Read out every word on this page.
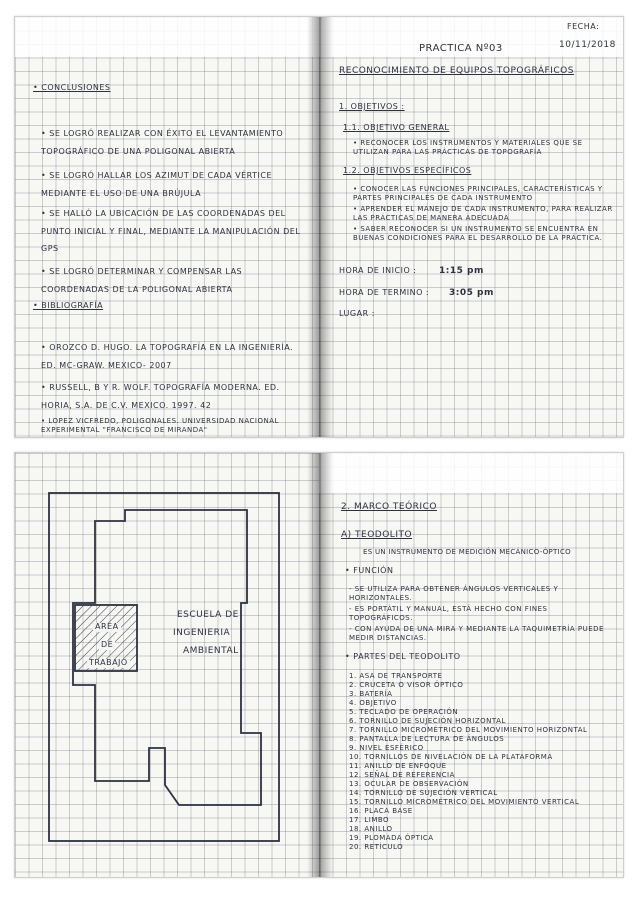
• CONCLUSIONES
• SE LOGRÓ REALIZAR CON ÉXITO EL LEVANTAMIENTO TOPOGRÁFICO DE UNA POLIGONAL ABIERTA
• SE LOGRÓ HALLAR LOS AZIMUT DE CADA VÉRTICE MEDIANTE EL USO DE UNA BRÚJULA
• SE HALLÓ LA UBICACIÓN DE LAS COORDENADAS DEL PUNTO INICIAL Y FINAL, MEDIANTE LA MANIPULACIÓN DEL GPS
• SE LOGRÓ DETERMINAR Y COMPENSAR LAS COORDENADAS DE LA POLIGONAL ABIERTA
• BIBLIOGRAFÍA
• OROZCO D. HUGO. LA TOPOGRAFÍA EN LA INGENIERÍA. ED. MC-GRAW. MEXICO- 2007
• RUSSELL, B Y R. WOLF. TOPOGRAFÍA MODERNA. ED. HORIA, S.A. DE C.V. MEXICO. 1997. 42
• LOPEZ VICFREDO, POLIGONALES. UNIVERSIDAD NACIONAL EXPERIMENTAL "FRANCISCO DE MIRANDA"
FECHA:
PRACTICA Nº03	10/11/2018
RECONOCIMIENTO DE EQUIPOS TOPOGRÁFICOS
1. OBJETIVOS :
1.1. OBJETIVO GENERAL
• RECONOCER LOS INSTRUMENTOS Y MATERIALES QUE SE UTILIZAN PARA LAS PRÁCTICAS DE TOPOGRAFÍA
1.2. OBJETIVOS ESPECÍFICOS
• CONOCER LAS FUNCIONES PRINCIPALES, CARACTERÍSTICAS Y PARTES PRINCIPALES DE CADA INSTRUMENTO
• APRENDER EL MANEJO DE CADA INSTRUMENTO, PARA REALIZAR LAS PRÁCTICAS DE MANERA ADECUADA
• SABER RECONOCER SI UN INSTRUMENTO SE ENCUENTRA EN BUENAS CONDICIONES PARA EL DESARROLLO DE LA PRÁCTICA.
HORA DE INICIO : 1:15 pm
HORA DE TERMINO : 3:05 pm
LUGAR :
AREA
DE
TRABAJO
ESCUELA DE
INGENIERIA
AMBIENTAL
2. MARCO TEÓRICO
A) TEODOLITO
ES UN INSTRUMENTO DE MEDICIÓN MECÁNICO-ÓPTICO
• FUNCIÓN
- SE UTILIZA PARA OBTENER ÁNGULOS VERTICALES Y HORIZONTALES.
- ES PORTÁTIL Y MANUAL, ESTÁ HECHO CON FINES TOPOGRÁFICOS.
- CON AYUDA DE UNA MIRA Y MEDIANTE LA TAQUIMETRÍA PUEDE MEDIR DISTANCIAS.
• PARTES DEL TEODOLITO
1. ASA DE TRANSPORTE
2. CRUCETA O VISOR ÓPTICO
3. BATERÍA
4. OBJETIVO
5. TECLADO DE OPERACIÓN
6. TORNILLO DE SUJECIÓN HORIZONTAL
7. TORNILLO MICROMÉTRICO DEL MOVIMIENTO HORIZONTAL
8. PANTALLA DE LECTURA DE ÁNGULOS
9. NIVEL ESFÉRICO
10. TORNILLOS DE NIVELACIÓN DE LA PLATAFORMA
11. ANILLO DE ENFOQUE
12. SEÑAL DE REFERENCIA
13. OCULAR DE OBSERVACIÓN
14. TORNILLO DE SUJECIÓN VERTICAL
15. TORNILLO MICROMÉTRICO DEL MOVIMIENTO VERTICAL
16. PLACA BASE
17. LIMBO
18. ANILLO
19. PLOMADA ÓPTICA
20. RETÍCULO
